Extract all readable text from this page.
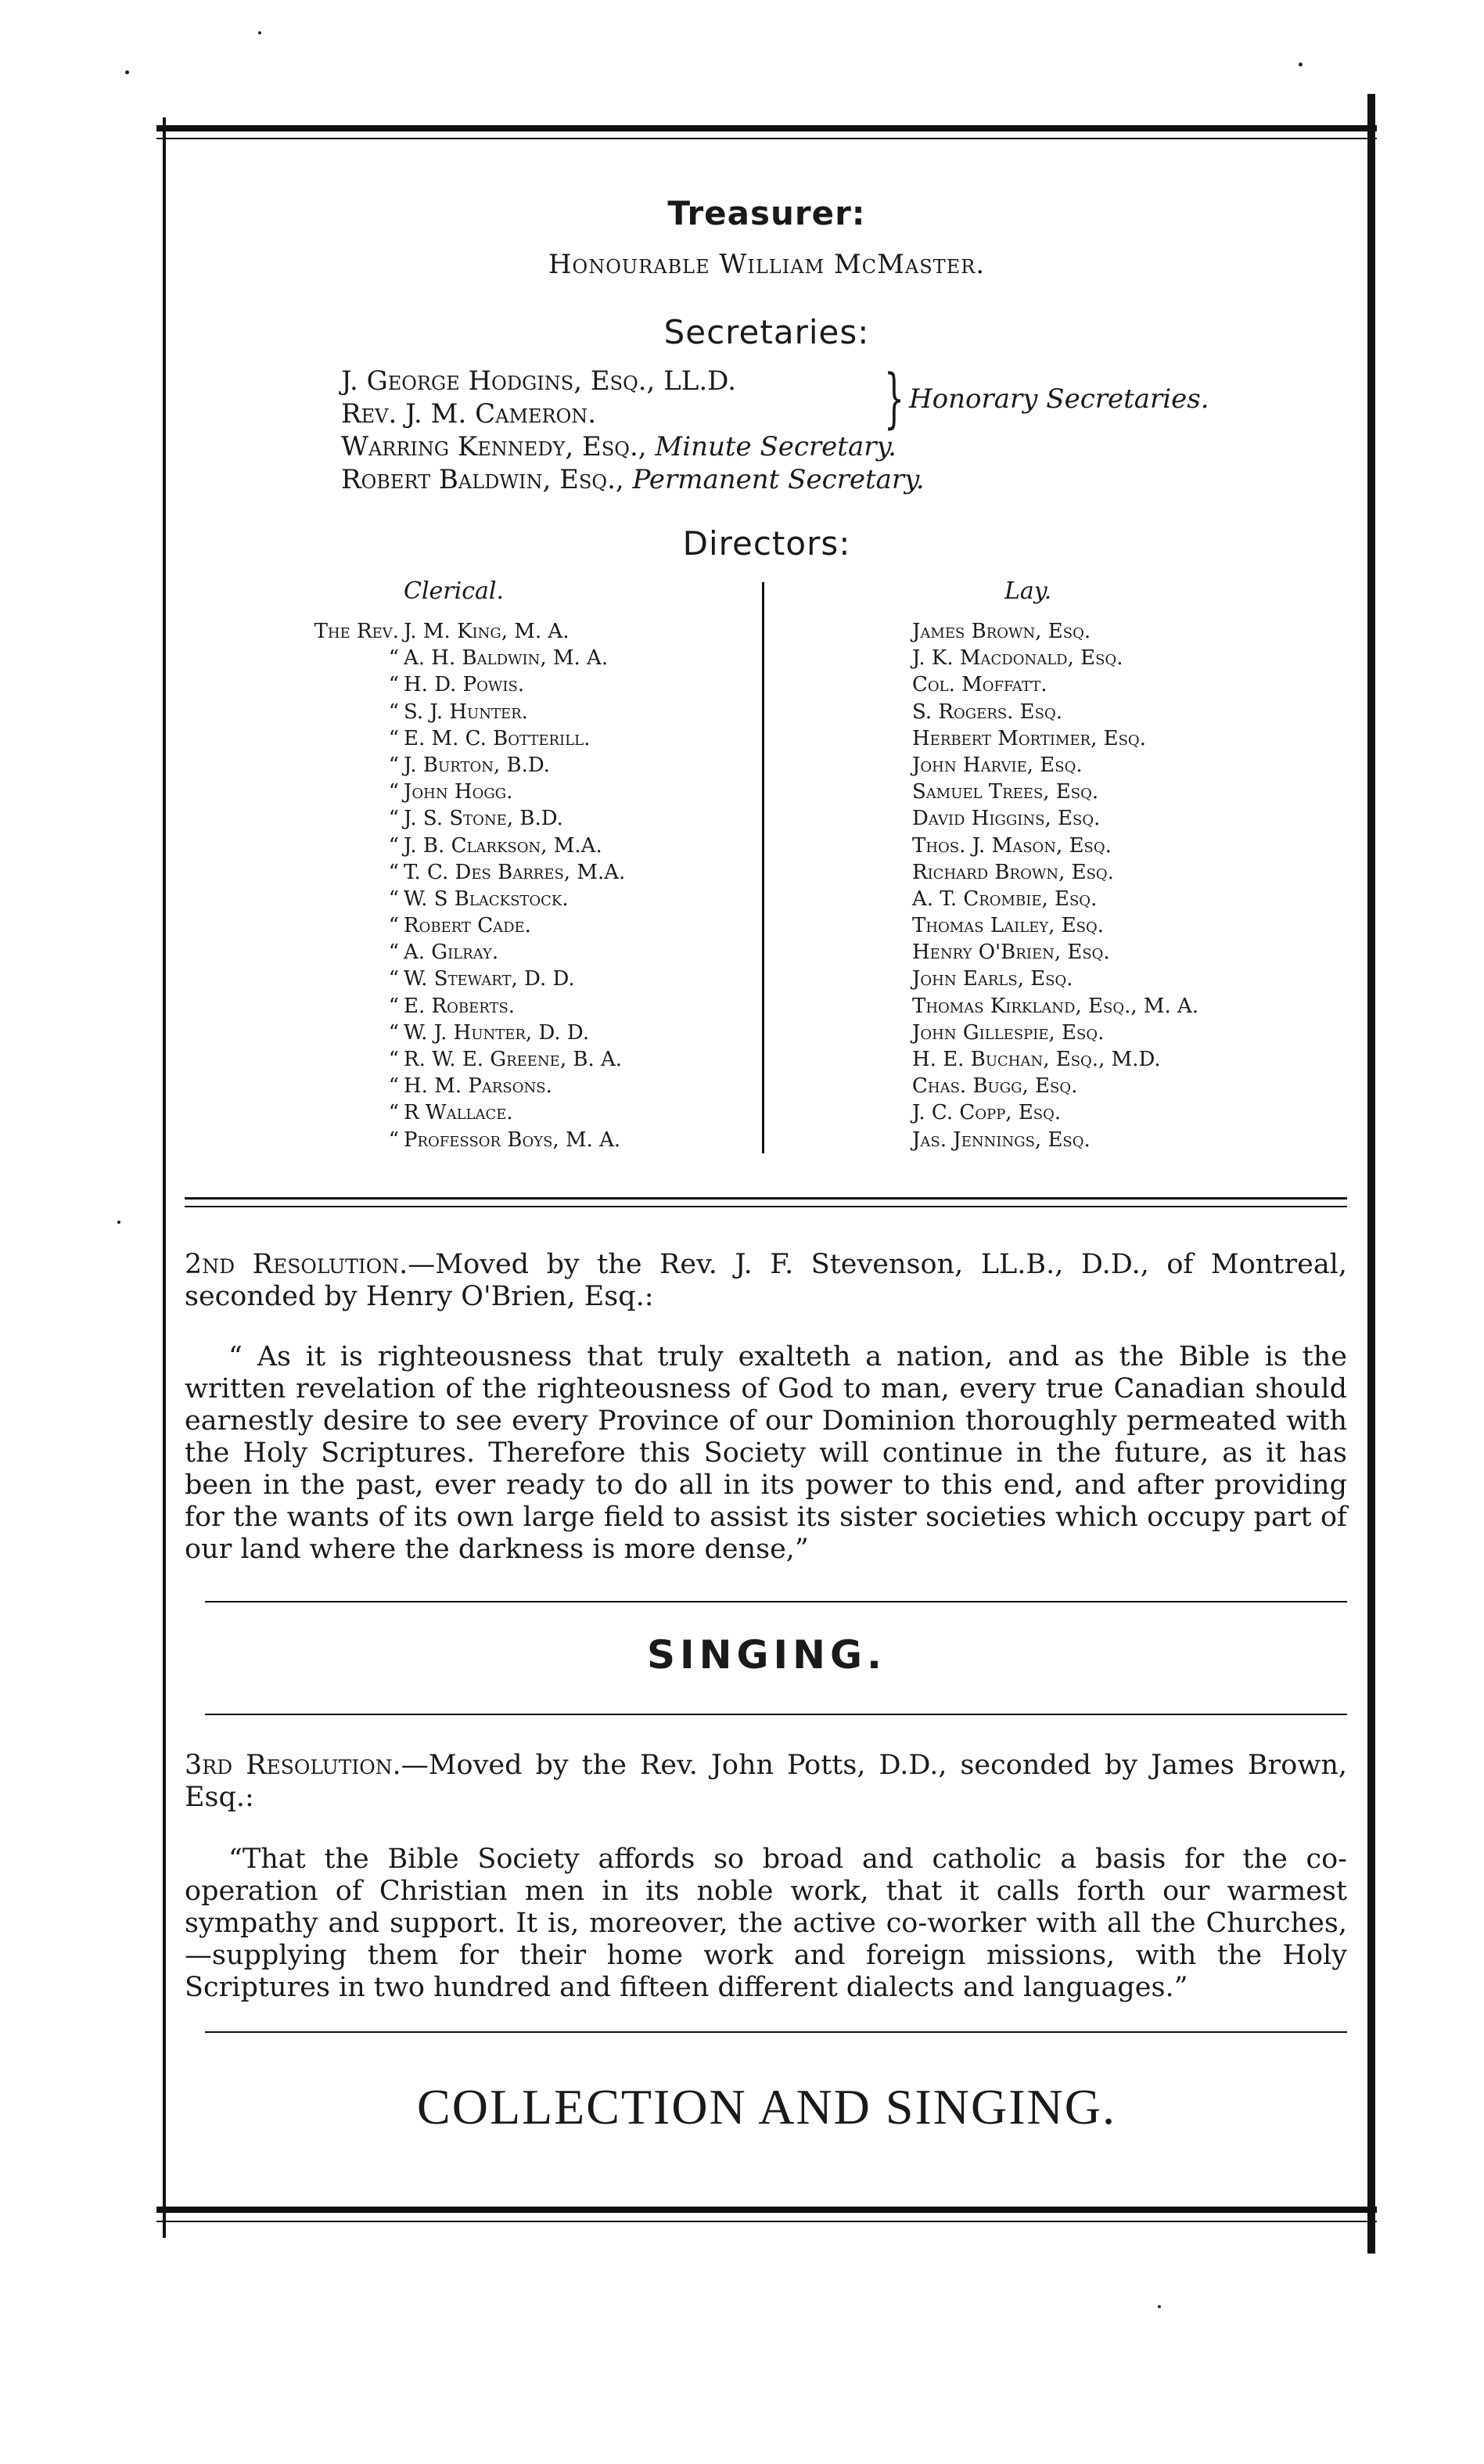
Treasurer:
Honourable William McMaster.
Secretaries:
J. George Hodgins, Esq., LL.D.
Rev. J. M. Cameron.
Warring Kennedy, Esq., Minute Secretary.
Robert Baldwin, Esq., Permanent Secretary.
} Honorary Secretaries.
Directors:
Clerical.	Lay.
The Rev. J. M. King, M. A.
“ A. H. Baldwin, M. A.
“ H. D. Powis.
“ S. J. Hunter.
“ E. M. C. Botterill.
“ J. Burton, B.D.
“ John Hogg.
“ J. S. Stone, B.D.
“ J. B. Clarkson, M.A.
“ T. C. Des Barres, M.A.
“ W. S Blackstock.
“ Robert Cade.
“ A. Gilray.
“ W. Stewart, D. D.
“ E. Roberts.
“ W. J. Hunter, D. D.
“ R. W. E. Greene, B. A.
“ H. M. Parsons.
“ R Wallace.
“ Professor Boys, M. A.
James Brown, Esq.
J. K. Macdonald, Esq.
Col. Moffatt.
S. Rogers. Esq.
Herbert Mortimer, Esq.
John Harvie, Esq.
Samuel Trees, Esq.
David Higgins, Esq.
Thos. J. Mason, Esq.
Richard Brown, Esq.
A. T. Crombie, Esq.
Thomas Lailey, Esq.
Henry O'Brien, Esq.
John Earls, Esq.
Thomas Kirkland, Esq., M. A.
John Gillespie, Esq.
H. E. Buchan, Esq., M.D.
Chas. Bugg, Esq.
J. C. Copp, Esq.
Jas. Jennings, Esq.
2nd Resolution.—Moved by the Rev. J. F. Stevenson, LL.B., D.D., of Montreal, seconded by Henry O'Brien, Esq.:
“ As it is righteousness that truly exalteth a nation, and as the Bible is the written revelation of the righteousness of God to man, every true Canadian should earnestly desire to see every Province of our Dominion thoroughly permeated with the Holy Scriptures. Therefore this Society will continue in the future, as it has been in the past, ever ready to do all in its power to this end, and after providing for the wants of its own large field to assist its sister societies which occupy part of our land where the darkness is more dense,”
SINGING.
3rd Resolution.—Moved by the Rev. John Potts, D.D., seconded by James Brown, Esq.:
“That the Bible Society affords so broad and catholic a basis for the co-operation of Christian men in its noble work, that it calls forth our warmest sympathy and support. It is, moreover, the active co-worker with all the Churches,—supplying them for their home work and foreign missions, with the Holy Scriptures in two hundred and fifteen different dialects and languages.”
COLLECTION AND SINGING.
